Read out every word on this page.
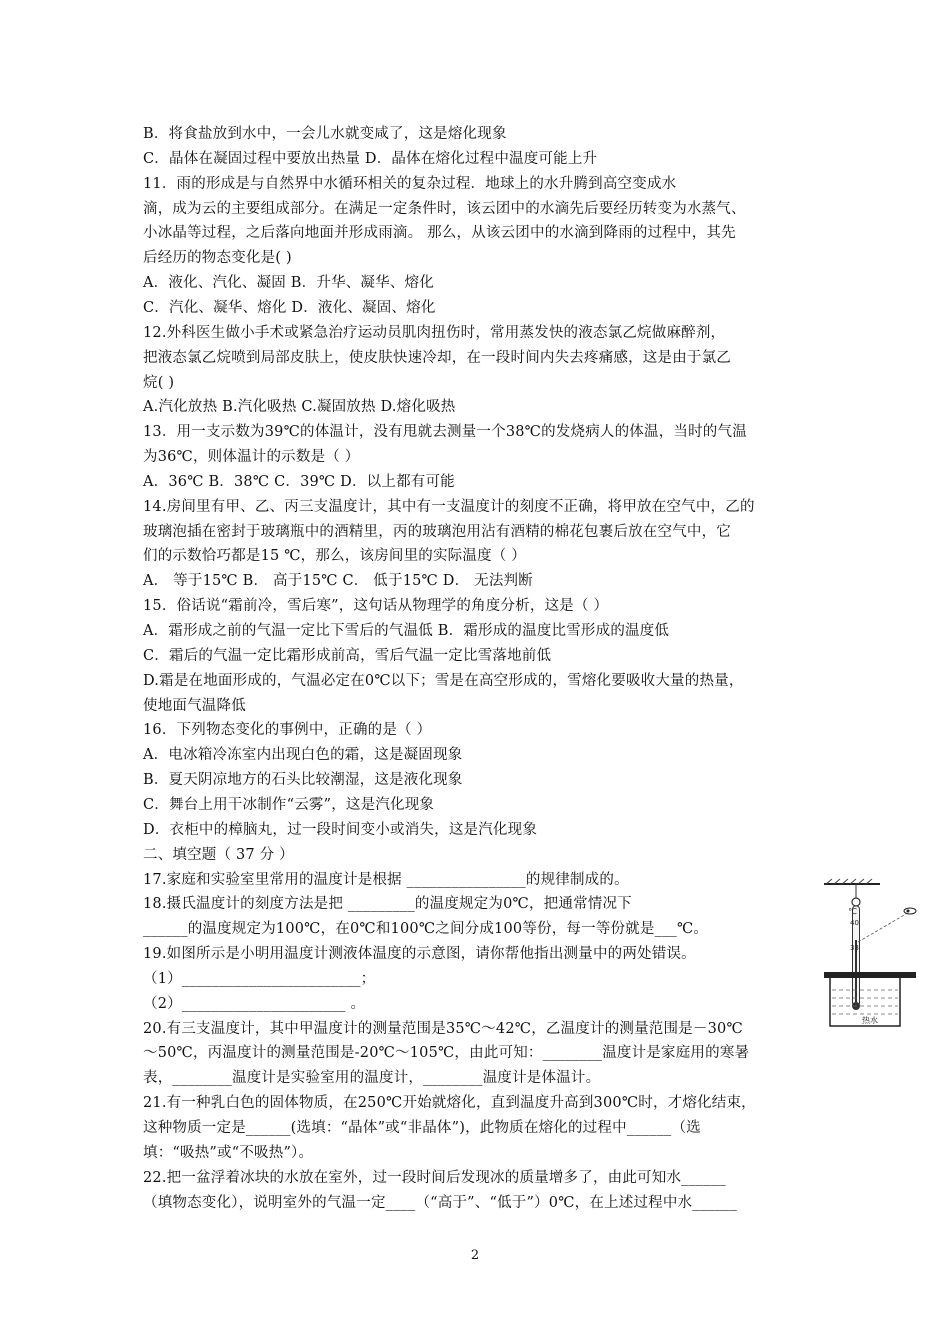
B．将食盐放到水中，一会儿水就变咸了，这是熔化现象
C．晶体在凝固过程中要放出热量 D．晶体在熔化过程中温度可能上升
11．雨的形成是与自然界中水循环相关的复杂过程．地球上的水升腾到高空变成水
滴，成为云的主要组成部分。在满足一定条件时，该云团中的水滴先后要经历转变为水蒸气、
小冰晶等过程，之后落向地面并形成雨滴。 那么，从该云团中的水滴到降雨的过程中，其先
后经历的物态变化是( )
A．液化、汽化、凝固 B．升华、凝华、熔化
C．汽化、凝华、熔化 D．液化、凝固、熔化
12.外科医生做小手术或紧急治疗运动员肌肉扭伤时，常用蒸发快的液态氯乙烷做麻醉剂，
把液态氯乙烷喷到局部皮肤上，使皮肤快速冷却，在一段时间内失去疼痛感，这是由于氯乙
烷( )
A.汽化放热 B.汽化吸热 C.凝固放热 D.熔化吸热
13．用一支示数为39℃的体温计，没有甩就去测量一个38℃的发烧病人的体温，当时的气温
为36℃，则体温计的示数是（ ）
A．36℃ B．38℃ C．39℃ D．以上都有可能
14.房间里有甲、乙、丙三支温度计，其中有一支温度计的刻度不正确，将甲放在空气中，乙的
玻璃泡插在密封于玻璃瓶中的酒精里，丙的玻璃泡用沾有酒精的棉花包裹后放在空气中，它
们的示数恰巧都是15 ℃，那么，该房间里的实际温度（ ）
A． 等于15℃ B． 高于15℃ C． 低于15℃ D． 无法判断
15．俗话说“霜前冷，雪后寒”，这句话从物理学的角度分析，这是（ ）
A．霜形成之前的气温一定比下雪后的气温低 B．霜形成的温度比雪形成的温度低
C．霜后的气温一定比霜形成前高，雪后气温一定比雪落地前低
D.霜是在地面形成的，气温必定在0℃以下；雪是在高空形成的，雪熔化要吸收大量的热量，
使地面气温降低
16．下列物态变化的事例中，正确的是（ ）
A．电冰箱冷冻室内出现白色的霜，这是凝固现象
B．夏天阴凉地方的石头比较潮湿，这是液化现象
C．舞台上用干冰制作“云雾”，这是汽化现象
D．衣柜中的樟脑丸，过一段时间变小或消失，这是汽化现象
二、填空题（ 37 分 ）
17.家庭和实验室里常用的温度计是根据 ________________的规律制成的。
18.摄氏温度计的刻度方法是把 _________的温度规定为0℃，把通常情况下
______的温度规定为100℃，在0℃和100℃之间分成100等份，每一等份就是___℃。
19.如图所示是小明用温度计测液体温度的示意图，请你帮他指出测量中的两处错误。
（1）________________________；
（2）______________________ 。
20.有三支温度计，其中甲温度计的测量范围是35℃～42℃，乙温度计的测量范围是－30℃
～50℃，丙温度计的测量范围是-20℃～105℃，由此可知：________温度计是家庭用的寒暑
表，________温度计是实验室用的温度计，________温度计是体温计。
21.有一种乳白色的固体物质，在250℃开始就熔化，直到温度升高到300℃时，才熔化结束，
这种物质一定是______(选填：“晶体”或“非晶体”)，此物质在熔化的过程中______（选
填：“吸热”或“不吸热”）。
22.把一盆浮着冰块的水放在室外，过一段时间后发现冰的质量增多了，由此可知水______
（填物态变化），说明室外的气温一定____（“高于”、“低于”）0℃，在上述过程中水______
℃
40
33
热水
2
